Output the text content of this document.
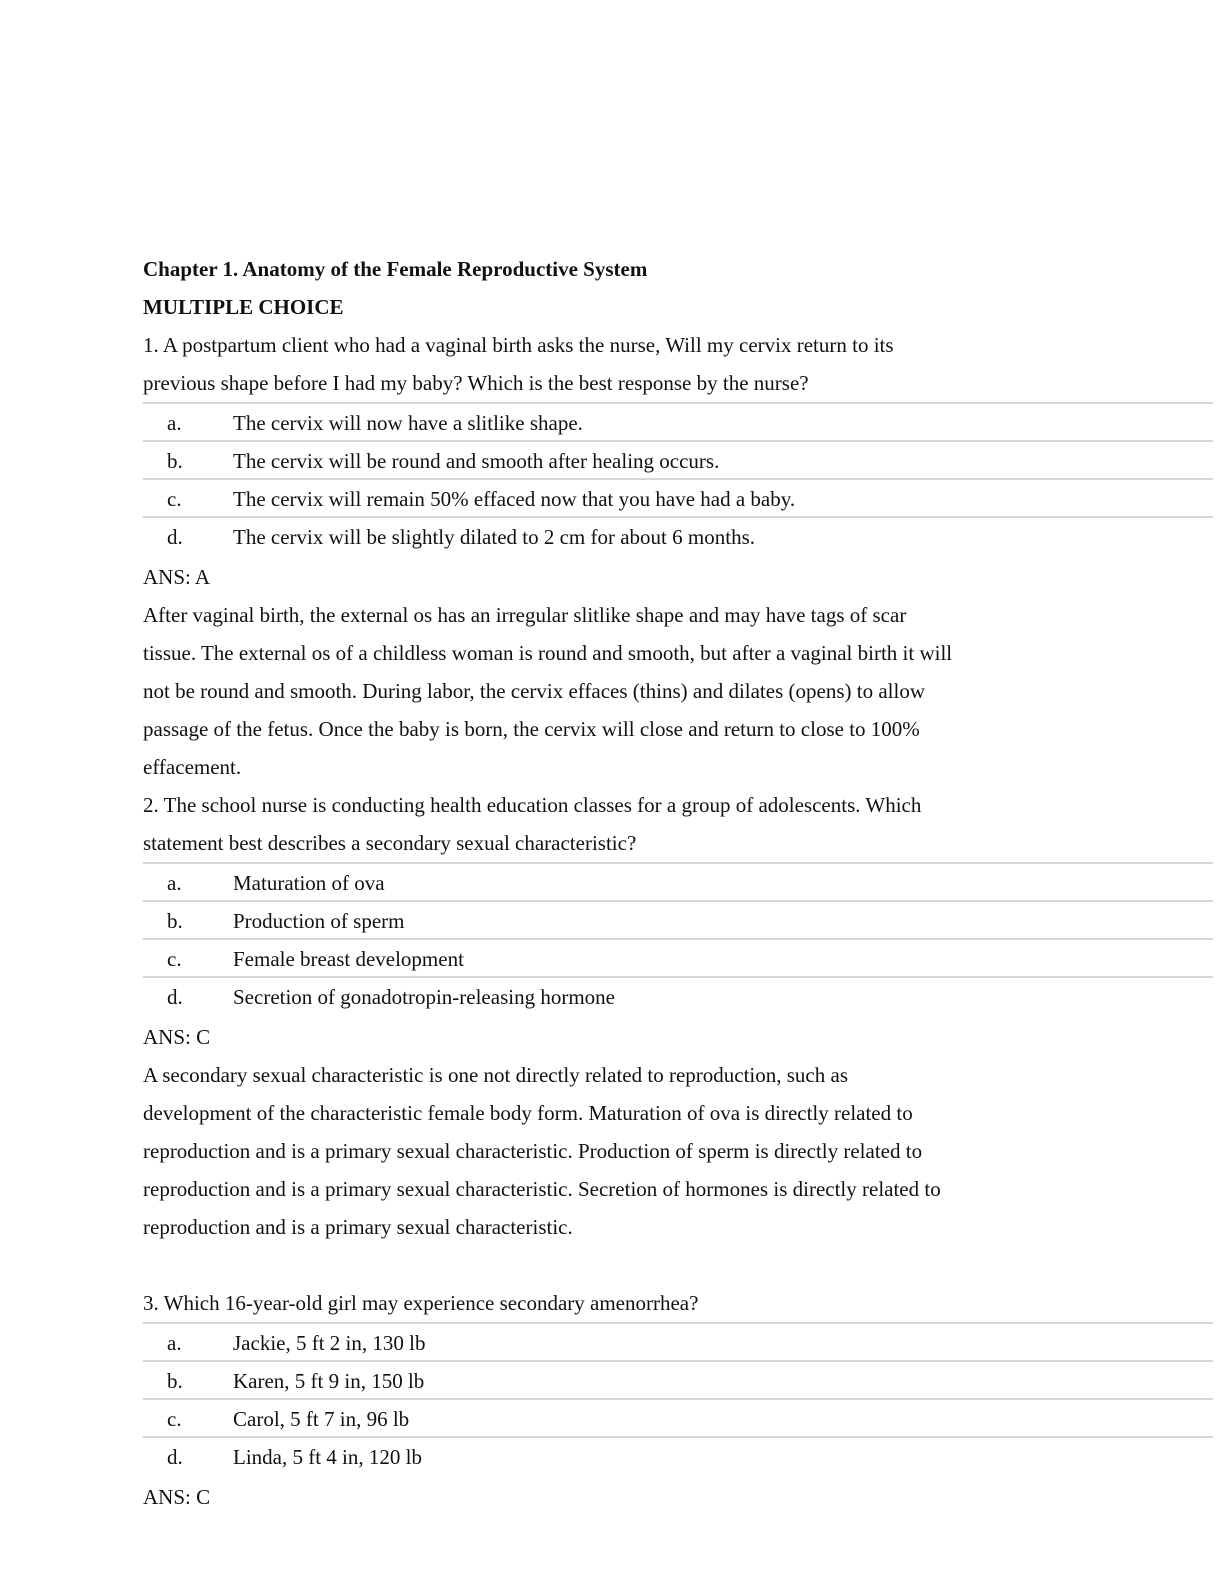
Chapter 1. Anatomy of the Female Reproductive System
MULTIPLE CHOICE
1. A postpartum client who had a vaginal birth asks the nurse, Will my cervix return to its
previous shape before I had my baby? Which is the best response by the nurse?
a. The cervix will now have a slitlike shape.
b. The cervix will be round and smooth after healing occurs.
c. The cervix will remain 50% effaced now that you have had a baby.
d. The cervix will be slightly dilated to 2 cm for about 6 months.
ANS: A
After vaginal birth, the external os has an irregular slitlike shape and may have tags of scar
tissue. The external os of a childless woman is round and smooth, but after a vaginal birth it will
not be round and smooth. During labor, the cervix effaces (thins) and dilates (opens) to allow
passage of the fetus. Once the baby is born, the cervix will close and return to close to 100%
effacement.
2. The school nurse is conducting health education classes for a group of adolescents. Which
statement best describes a secondary sexual characteristic?
a. Maturation of ova
b. Production of sperm
c. Female breast development
d. Secretion of gonadotropin-releasing hormone
ANS: C
A secondary sexual characteristic is one not directly related to reproduction, such as
development of the characteristic female body form. Maturation of ova is directly related to
reproduction and is a primary sexual characteristic. Production of sperm is directly related to
reproduction and is a primary sexual characteristic. Secretion of hormones is directly related to
reproduction and is a primary sexual characteristic.
3. Which 16-year-old girl may experience secondary amenorrhea?
a. Jackie, 5 ft 2 in, 130 lb
b. Karen, 5 ft 9 in, 150 lb
c. Carol, 5 ft 7 in, 96 lb
d. Linda, 5 ft 4 in, 120 lb
ANS: C
